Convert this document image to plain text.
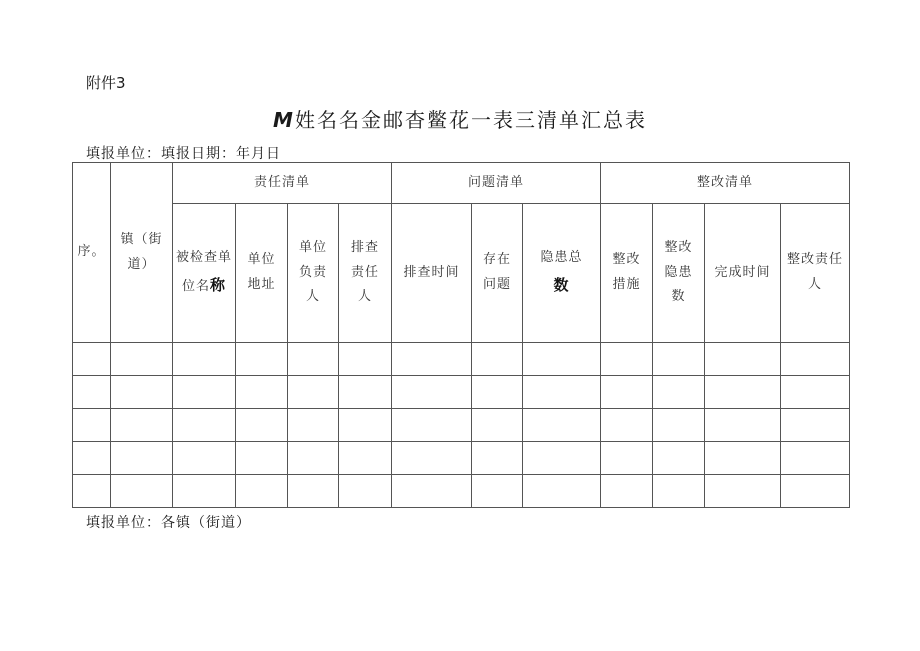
附件3
M姓名名金邮杳鳖花一表三清单汇总表
填报单位：填报日期：年月日
序。	镇（街道）	责任清单				问题清单			整改清单			
		被检查单位名称	单位地址	单位负责人	排查责任人	排查时间	存在问题	隐患总数	整改措施	整改隐患数	完成时间	整改责任人

填报单位：各镇（街道）
